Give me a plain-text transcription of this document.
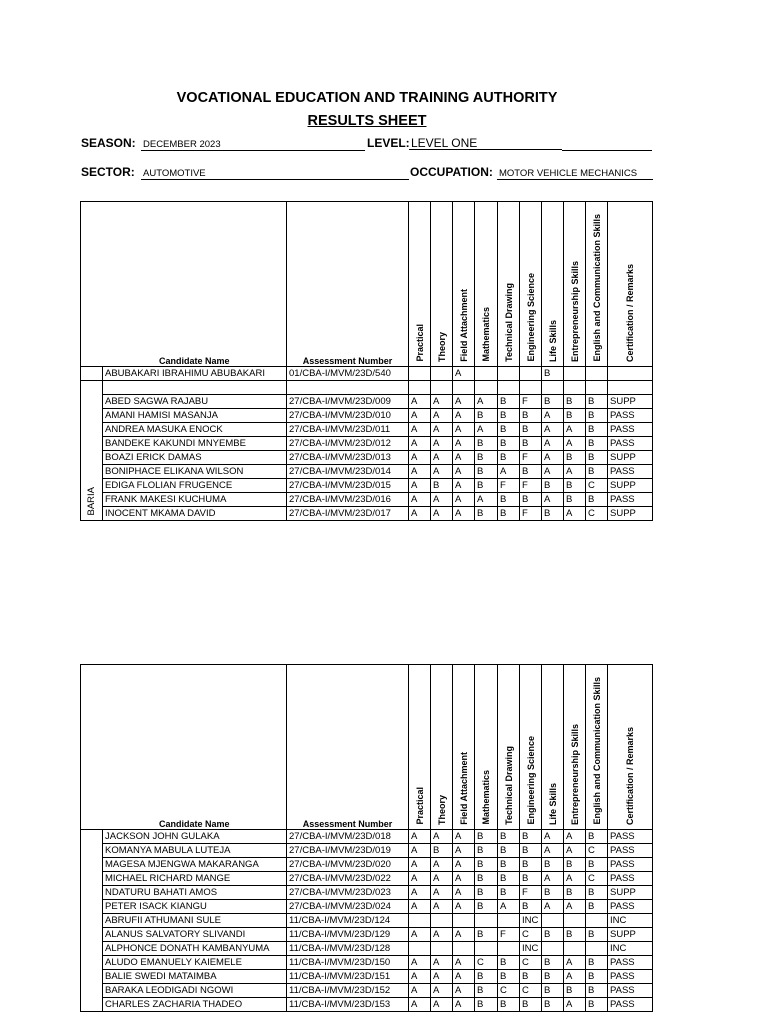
VOCATIONAL EDUCATION AND TRAINING AUTHORITY
RESULTS SHEET
SEASON: DECEMBER 2023	LEVEL: LEVEL ONE
SECTOR: AUTOMOTIVE	OCCUPATION: MOTOR VEHICLE MECHANICS
	Candidate Name	Assessment Number	Practical	Theory	Field Attachment	Mathematics	Technical Drawing	Engineering Science	Life Skills	Entrepreneurship Skills	English and Communication Skills	Certification / Remarks
	ABUBAKARI IBRAHIMU ABUBAKARI	01/CBA-I/MVM/23D/540			A				B			
BARIA												
	ABED SAGWA RAJABU	27/CBA-I/MVM/23D/009	A	A	A	A	B	F	B	B	B	SUPP
	AMANI HAMISI MASANJA	27/CBA-I/MVM/23D/010	A	A	A	B	B	B	A	B	B	PASS
	ANDREA MASUKA ENOCK	27/CBA-I/MVM/23D/011	A	A	A	A	B	B	A	A	B	PASS
	BANDEKE KAKUNDI MNYEMBE	27/CBA-I/MVM/23D/012	A	A	A	B	B	B	A	A	B	PASS
	BOAZI ERICK DAMAS	27/CBA-I/MVM/23D/013	A	A	A	B	B	F	A	B	B	SUPP
	BONIPHACE ELIKANA WILSON	27/CBA-I/MVM/23D/014	A	A	A	B	A	B	A	A	B	PASS
	EDIGA FLOLIAN FRUGENCE	27/CBA-I/MVM/23D/015	A	B	A	B	F	F	B	B	C	SUPP
	FRANK MAKESI KUCHUMA	27/CBA-I/MVM/23D/016	A	A	A	A	B	B	A	B	B	PASS
	INOCENT MKAMA DAVID	27/CBA-I/MVM/23D/017	A	A	A	B	B	F	B	A	C	SUPP
	Candidate Name	Assessment Number	Practical	Theory	Field Attachment	Mathematics	Technical Drawing	Engineering Science	Life Skills	Entrepreneurship Skills	English and Communication Skills	Certification / Remarks
	JACKSON JOHN GULAKA	27/CBA-I/MVM/23D/018	A	A	A	B	B	B	A	A	B	PASS
	KOMANYA MABULA LUTEJA	27/CBA-I/MVM/23D/019	A	B	A	B	B	B	A	A	C	PASS
	MAGESA MJENGWA MAKARANGA	27/CBA-I/MVM/23D/020	A	A	A	B	B	B	B	B	B	PASS
	MICHAEL RICHARD MANGE	27/CBA-I/MVM/23D/022	A	A	A	B	B	B	A	A	C	PASS
	NDATURU BAHATI AMOS	27/CBA-I/MVM/23D/023	A	A	A	B	B	F	B	B	B	SUPP
	PETER ISACK KIANGU	27/CBA-I/MVM/23D/024	A	A	A	B	A	B	A	A	B	PASS
	ABRUFII ATHUMANI SULE	11/CBA-I/MVM/23D/124						INC				INC
	ALANUS SALVATORY SLIVANDI	11/CBA-I/MVM/23D/129	A	A	A	B	F	C	B	B	B	SUPP
	ALPHONCE DONATH KAMBANYUMA	11/CBA-I/MVM/23D/128						INC				INC
	ALUDO EMANUELY KAIEMELE	11/CBA-I/MVM/23D/150	A	A	A	C	B	C	B	A	B	PASS
	BALIE SWEDI MATAIMBA	11/CBA-I/MVM/23D/151	A	A	A	B	B	B	B	A	B	PASS
	BARAKA LEODIGADI NGOWI	11/CBA-I/MVM/23D/152	A	A	A	B	C	C	B	B	B	PASS
	CHARLES ZACHARIA THADEO	11/CBA-I/MVM/23D/153	A	A	A	B	B	B	B	A	B	PASS
